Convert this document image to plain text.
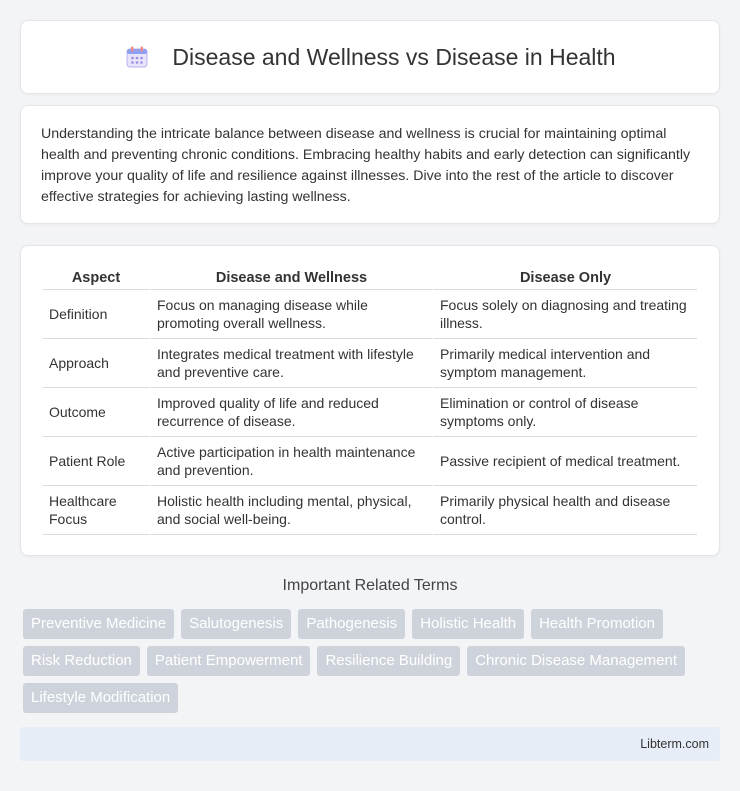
Disease and Wellness vs Disease in Health

Understanding the intricate balance between disease and wellness is crucial for maintaining optimal health and preventing chronic conditions. Embracing healthy habits and early detection can significantly improve your quality of life and resilience against illnesses. Dive into the rest of the article to discover effective strategies for achieving lasting wellness.

Aspect	Disease and Wellness	Disease Only
Definition	Focus on managing disease while promoting overall wellness.	Focus solely on diagnosing and treating illness.
Approach	Integrates medical treatment with lifestyle and preventive care.	Primarily medical intervention and symptom management.
Outcome	Improved quality of life and reduced recurrence of disease.	Elimination or control of disease symptoms only.
Patient Role	Active participation in health maintenance and prevention.	Passive recipient of medical treatment.
Healthcare Focus	Holistic health including mental, physical, and social well-being.	Primarily physical health and disease control.
Important Related Terms
Preventive Medicine	Salutogenesis	Pathogenesis	Holistic Health	Health Promotion
Risk Reduction	Patient Empowerment	Resilience Building	Chronic Disease Management
Lifestyle Modification
Libterm.com
